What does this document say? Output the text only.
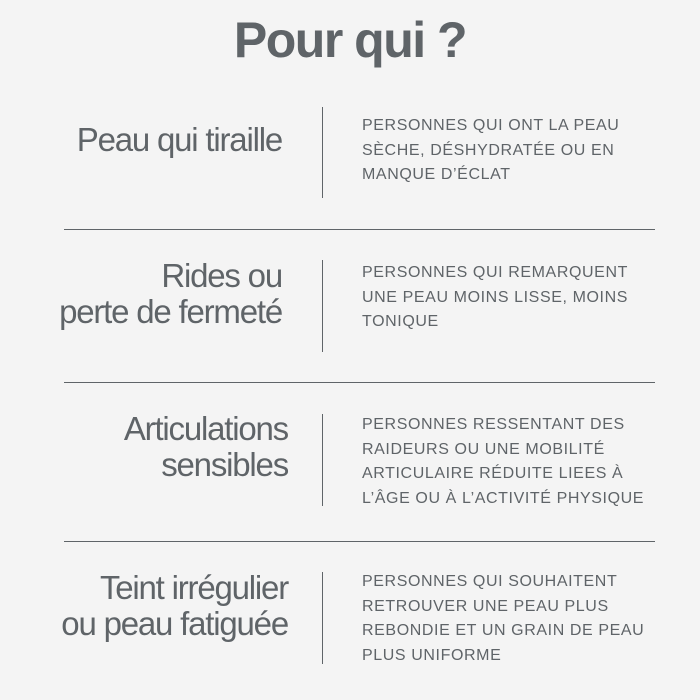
Pour qui ?
Peau qui tiraille	PERSONNES QUI ONT LA PEAU
SÈCHE, DÉSHYDRATÉE OU EN
MANQUE D’ÉCLAT
Rides ou
perte de fermeté
PERSONNES QUI REMARQUENT
UNE PEAU MOINS LISSE, MOINS
TONIQUE
Articulations
sensibles
PERSONNES RESSENTANT DES
RAIDEURS OU UNE MOBILITÉ
ARTICULAIRE RÉDUITE LIEES À
L’ÂGE OU À L’ACTIVITÉ PHYSIQUE
Teint irrégulier
ou peau fatiguée
PERSONNES QUI SOUHAITENT
RETROUVER UNE PEAU PLUS
REBONDIE ET UN GRAIN DE PEAU
PLUS UNIFORME
